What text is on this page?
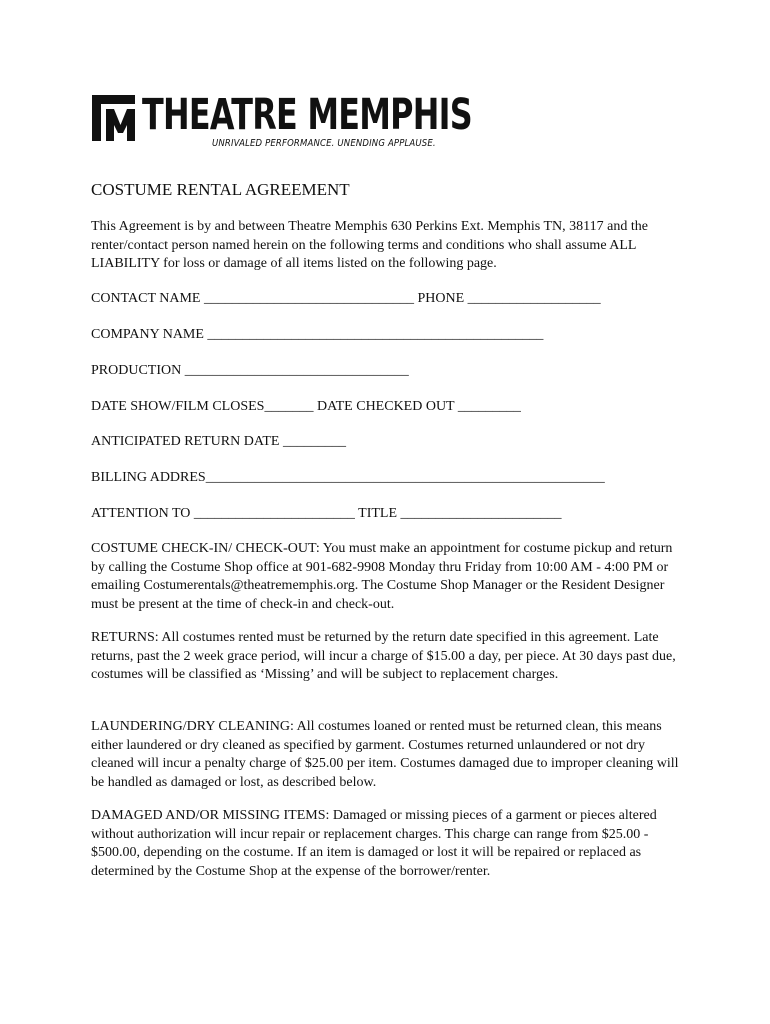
THEATRE MEMPHIS
UNRIVALED PERFORMANCE. UNENDING APPLAUSE.
COSTUME RENTAL AGREEMENT
This Agreement is by and between Theatre Memphis 630 Perkins Ext. Memphis TN, 38117 and the renter/contact person named herein on the following terms and conditions who shall assume ALL LIABILITY for loss or damage of all items listed on the following page.
CONTACT NAME ______________________________ PHONE ___________________
COMPANY NAME ________________________________________________
PRODUCTION ________________________________
DATE SHOW/FILM CLOSES_______ DATE CHECKED OUT _________
ANTICIPATED RETURN DATE _________
BILLING ADDRES_________________________________________________________
ATTENTION TO _______________________ TITLE _______________________
COSTUME CHECK-IN/ CHECK-OUT: You must make an appointment for costume pickup and return by calling the Costume Shop office at 901-682-9908 Monday thru Friday from 10:00 AM - 4:00 PM or emailing Costumerentals@theatrememphis.org. The Costume Shop Manager or the Resident Designer must be present at the time of check-in and check-out.
RETURNS: All costumes rented must be returned by the return date specified in this agreement. Late returns, past the 2 week grace period, will incur a charge of $15.00 a day, per piece. At 30 days past due, costumes will be classified as ‘Missing’ and will be subject to replacement charges.
LAUNDERING/DRY CLEANING: All costumes loaned or rented must be returned clean, this means either laundered or dry cleaned as specified by garment. Costumes returned unlaundered or not dry cleaned will incur a penalty charge of $25.00 per item. Costumes damaged due to improper cleaning will be handled as damaged or lost, as described below.
DAMAGED AND/OR MISSING ITEMS: Damaged or missing pieces of a garment or pieces altered without authorization will incur repair or replacement charges. This charge can range from $25.00 - $500.00, depending on the costume. If an item is damaged or lost it will be repaired or replaced as determined by the Costume Shop at the expense of the borrower/renter.
